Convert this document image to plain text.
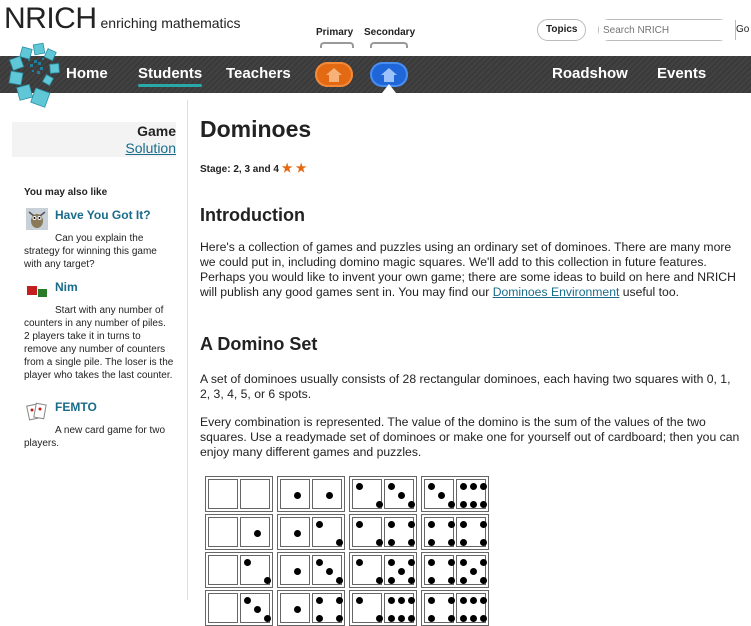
NRICH enriching mathematics
Primary Secondary	Topics
Search NRICH	Go
Home Students Teachers	Roadshow Events
Game
Solution
You may also like
Have You Got It?
Can you explain the strategy for winning this game with any target?
Nim
Start with any number of counters in any number of piles. 2 players take it in turns to remove any number of counters from a single pile. The loser is the player who takes the last counter.
FEMTO
A new card game for two players.
Dominoes
Stage: 2, 3 and 4 ★ ★
Introduction

Here's a collection of games and puzzles using an ordinary set of dominoes. There are many more we could put in, including domino magic squares. We'll add to this collection in future features. Perhaps you would like to invent your own game; there are some ideas to build on here and NRICH will publish any good games sent in. You may find our Dominoes Environment useful too.

A Domino Set

A set of dominoes usually consists of 28 rectangular dominoes, each having two squares with 0, 1, 2, 3, 4, 5, or 6 spots.

Every combination is represented. The value of the domino is the sum of the values of the two squares. Use a readymade set of dominoes or make one for yourself out of cardboard; then you can enjoy many different games and puzzles.
